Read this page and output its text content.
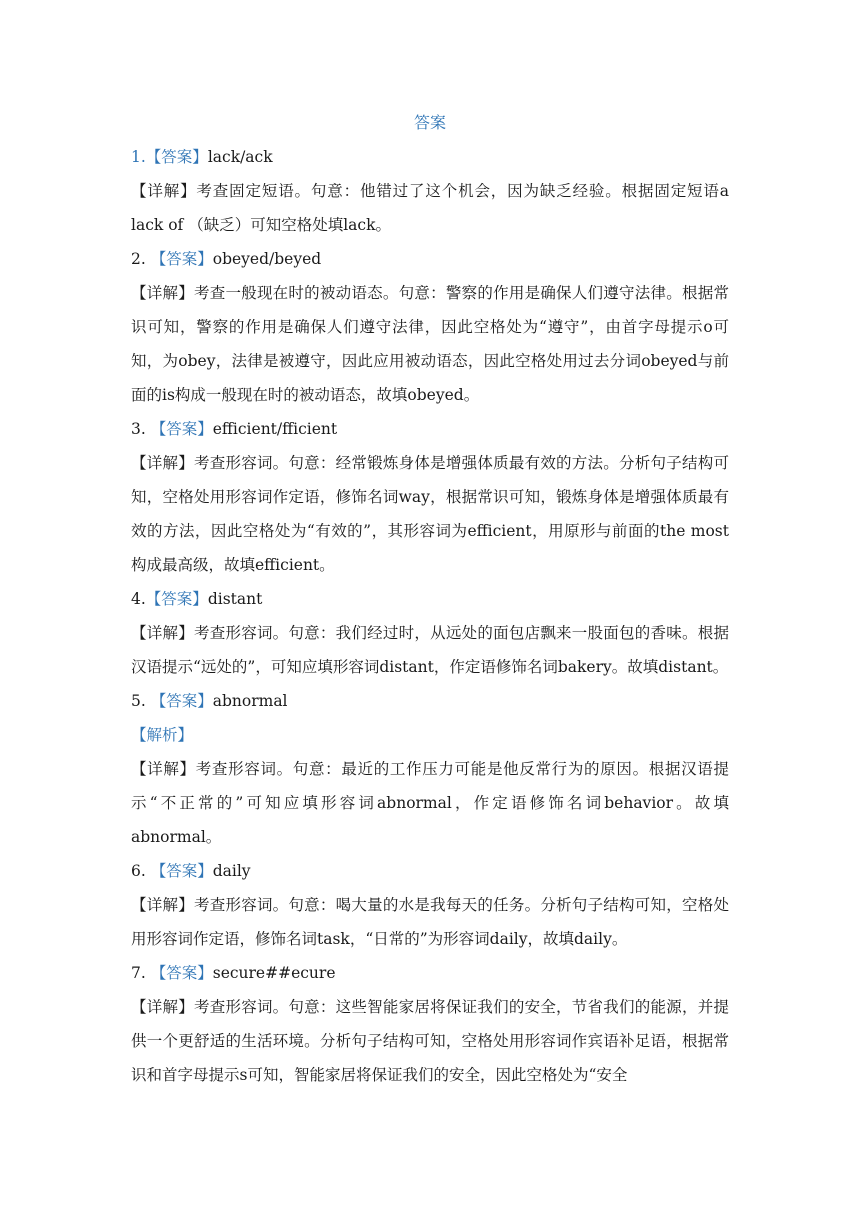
答案
1.【答案】lack/ack

【详解】考查固定短语。句意：他错过了这个机会，因为缺乏经验。根据固定短语a lack of （缺乏）可知空格处填lack。

2. 【答案】obeyed/beyed

【详解】考查一般现在时的被动语态。句意：警察的作用是确保人们遵守法律。根据常识可知，警察的作用是确保人们遵守法律，因此空格处为“遵守”，由首字母提示o可知，为obey，法律是被遵守，因此应用被动语态，因此空格处用过去分词obeyed与前面的is构成一般现在时的被动语态，故填obeyed。

3. 【答案】efficient/fficient

【详解】考查形容词。句意：经常锻炼身体是增强体质最有效的方法。分析句子结构可知，空格处用形容词作定语，修饰名词way，根据常识可知，锻炼身体是增强体质最有效的方法，因此空格处为“有效的”，其形容词为efficient，用原形与前面的the most构成最高级，故填efficient。

4.【答案】distant

【详解】考查形容词。句意：我们经过时，从远处的面包店飘来一股面包的香味。根据汉语提示“远处的”，可知应填形容词distant，作定语修饰名词bakery。故填distant。

5. 【答案】abnormal
【解析】

【详解】考查形容词。句意：最近的工作压力可能是他反常行为的原因。根据汉语提示“不正常的”可知应填形容词abnormal，作定语修饰名词behavior。故填abnormal。

6. 【答案】daily

【详解】考查形容词。句意：喝大量的水是我每天的任务。分析句子结构可知，空格处用形容词作定语，修饰名词task，“日常的”为形容词daily，故填daily。

7. 【答案】secure##ecure

【详解】考查形容词。句意：这些智能家居将保证我们的安全，节省我们的能源，并提供一个更舒适的生活环境。分析句子结构可知，空格处用形容词作宾语补足语，根据常识和首字母提示s可知，智能家居将保证我们的安全，因此空格处为“安全
